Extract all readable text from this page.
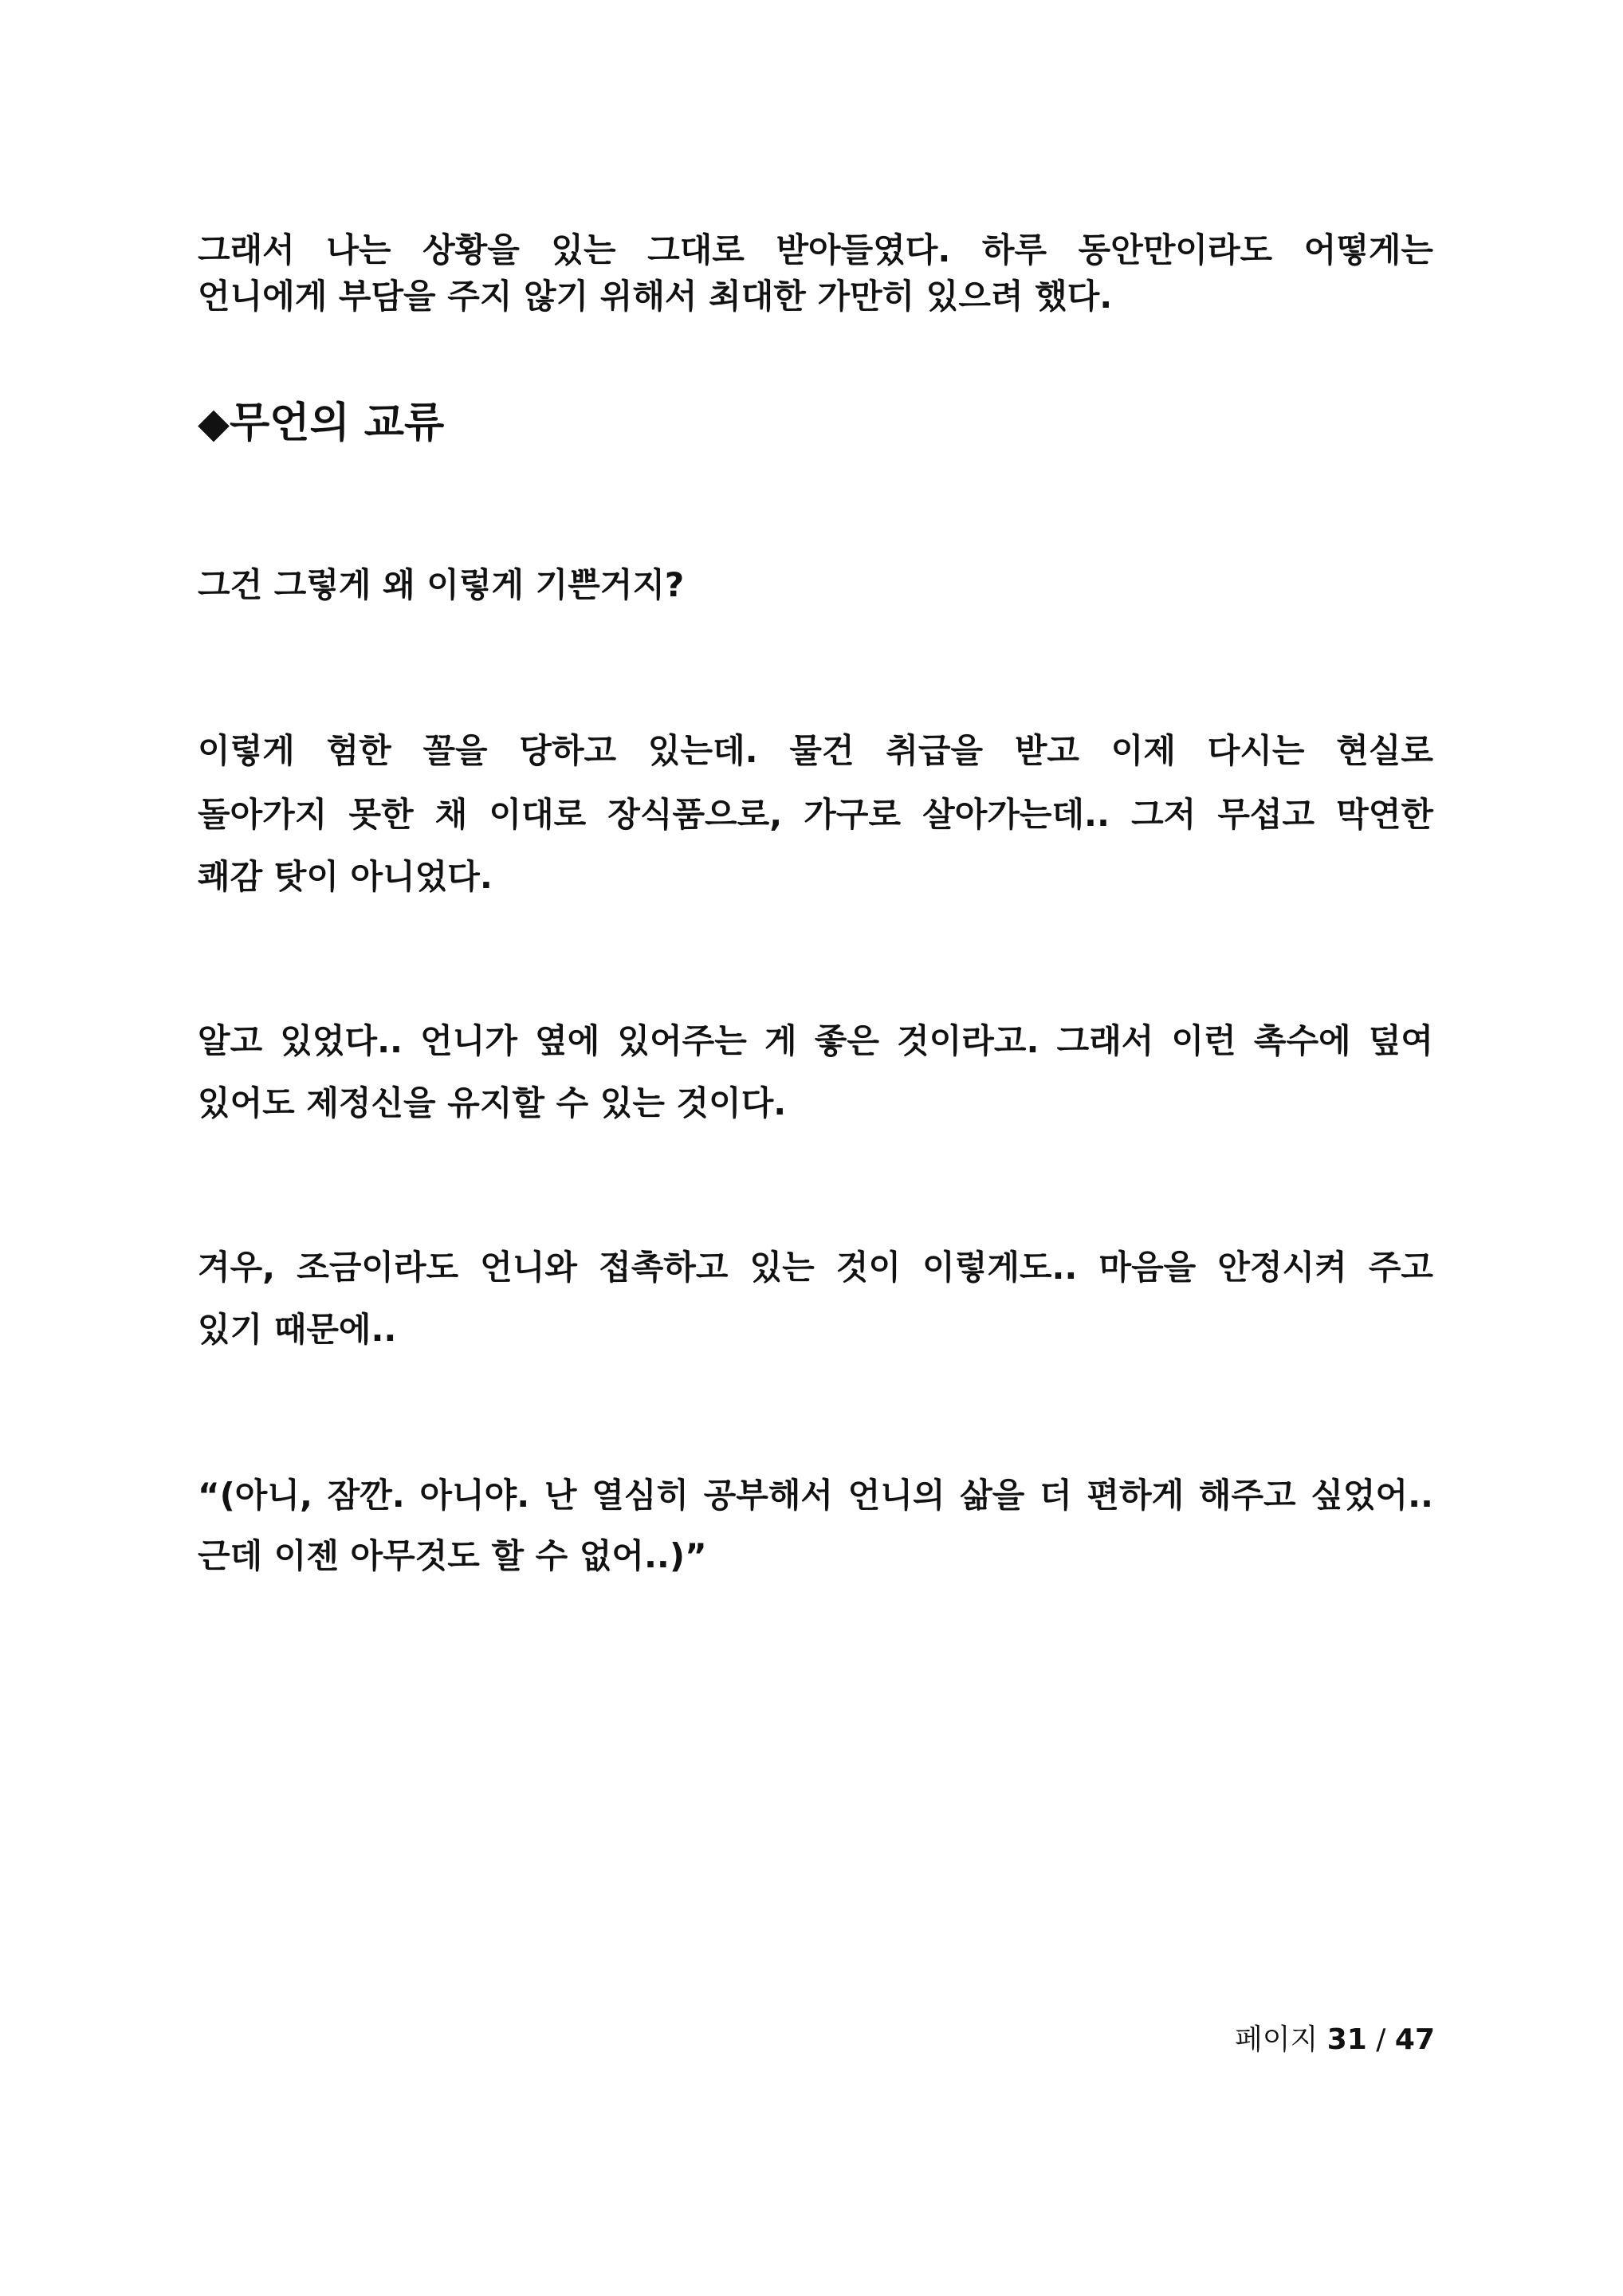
그래서 나는 상황을 있는 그대로 받아들였다. 하루 동안만이라도 어떻게는

언니에게 부담을 주지 않기 위해서 최대한 가만히 있으려 했다.

◆무언의 교류

그건 그렇게 왜 이렇게 기쁜거지?

이렇게 험한 꼴을 당하고 있는데. 물건 취급을 받고 이제 다시는 현실로

돌아가지 못한 채 이대로 장식품으로, 가구로 살아가는데.. 그저 무섭고 막연한

쾌감 탓이 아니었다.

알고 있었다.. 언니가 옆에 있어주는 게 좋은 것이라고. 그래서 이런 촉수에 덮여

있어도 제정신을 유지할 수 있는 것이다.

겨우, 조금이라도 언니와 접촉하고 있는 것이 이렇게도.. 마음을 안정시켜 주고

있기 때문에..

“(아니, 잠깐. 아니야. 난 열심히 공부해서 언니의 삶을 더 편하게 해주고 싶었어..

근데 이젠 아무것도 할 수 없어..)”

페이지 31 / 47
